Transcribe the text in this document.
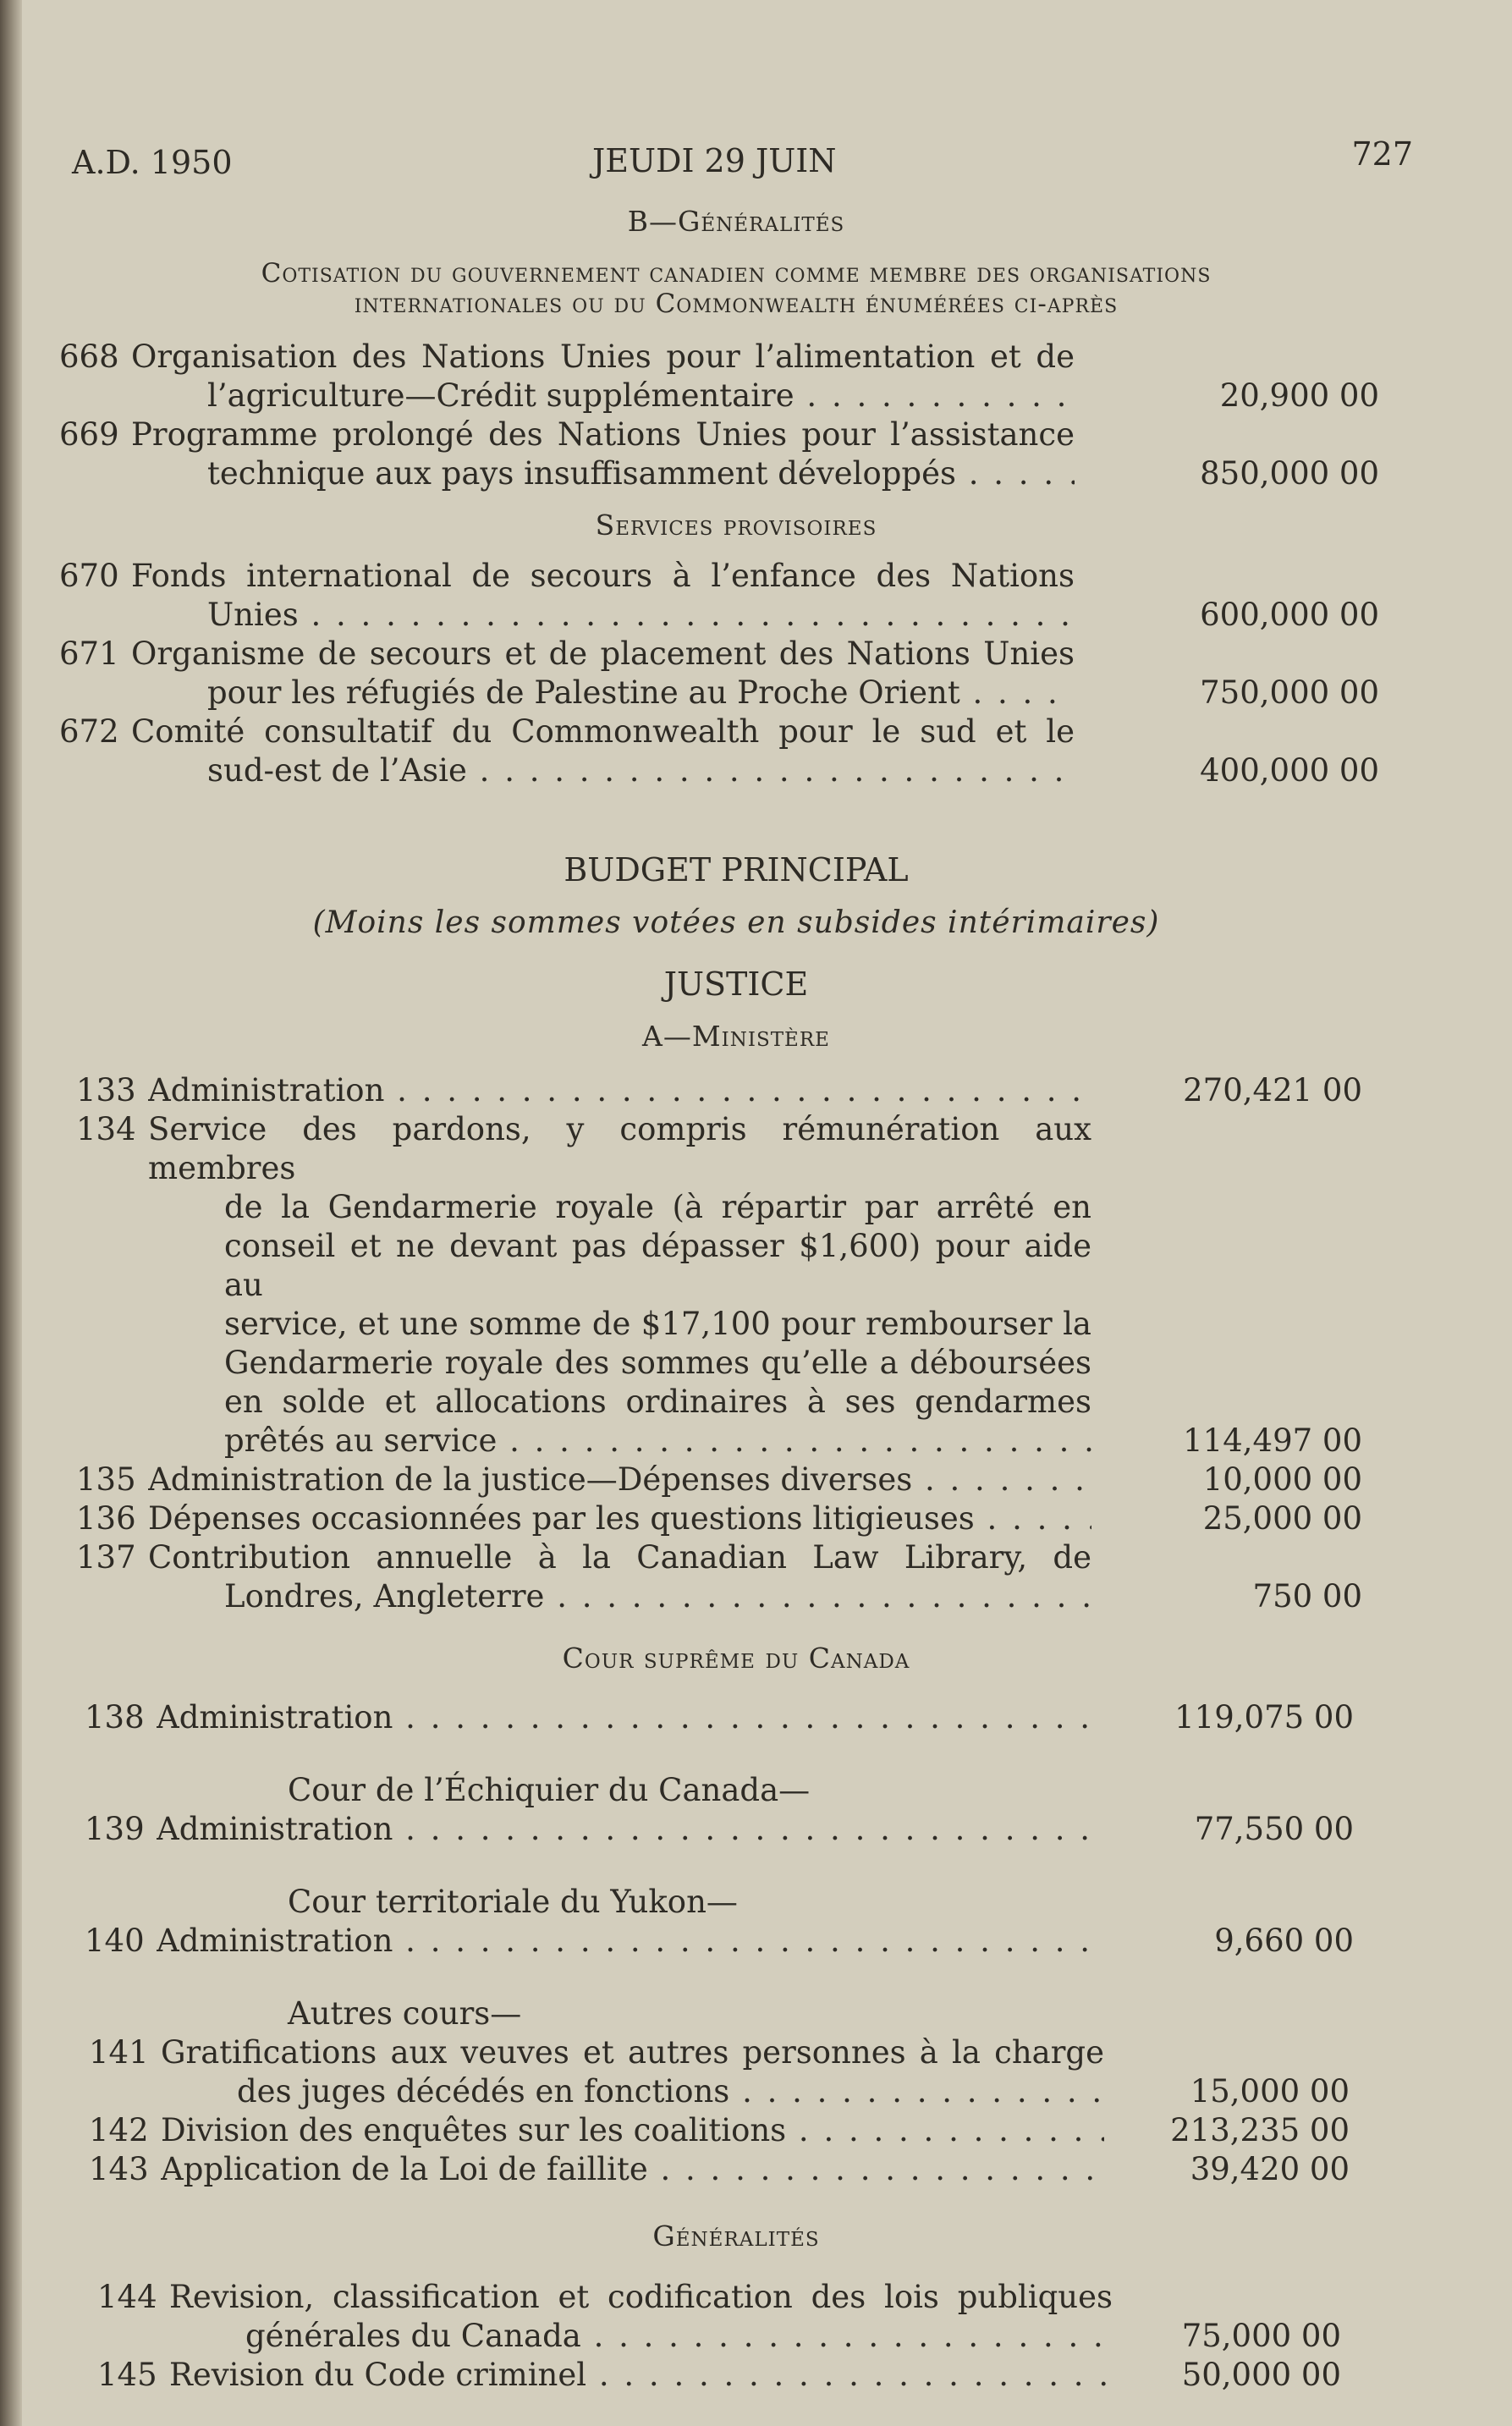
A.D. 1950	JEUDI 29 JUIN	727
B—Généralités
Cotisation du gouvernement canadien comme membre des organisations
internationales ou du Commonwealth énumérées ci-après
668 Organisation des Nations Unies pour l’alimentation et de
l’agriculture—Crédit supplémentaire . . .	20,900 00
669 Programme prolongé des Nations Unies pour l’assistance
technique aux pays insuffisamment développés . . .	850,000 00
Services provisoires
670 Fonds international de secours à l’enfance des Nations
Unies . . .	600,000 00
671 Organisme de secours et de placement des Nations Unies
pour les réfugiés de Palestine au Proche Orient . . .	750,000 00
672 Comité consultatif du Commonwealth pour le sud et le
sud-est de l’Asie . . .	400,000 00
BUDGET PRINCIPAL
(Moins les sommes votées en subsides intérimaires)
JUSTICE
A—Ministère
133 Administration . . .	270,421 00
134 Service des pardons, y compris rémunération aux membres
de la Gendarmerie royale (à répartir par arrêté en
conseil et ne devant pas dépasser $1,600) pour aide au
service, et une somme de $17,100 pour rembourser la
Gendarmerie royale des sommes qu’elle a déboursées
en solde et allocations ordinaires à ses gendarmes
prêtés au service . . .	114,497 00
135 Administration de la justice—Dépenses diverses . . .	10,000 00
136 Dépenses occasionnées par les questions litigieuses . . .	25,000 00
137 Contribution annuelle à la Canadian Law Library, de
Londres, Angleterre . . .	750 00
Cour suprême du Canada
138 Administration . . .	119,075 00
Cour de l’Échiquier du Canada—
139 Administration . . .	77,550 00
Cour territoriale du Yukon—
140 Administration . . .	9,660 00
Autres cours—
141 Gratifications aux veuves et autres personnes à la charge
des juges décédés en fonctions . . .	15,000 00
142 Division des enquêtes sur les coalitions . . .	213,235 00
143 Application de la Loi de faillite . . .	39,420 00
Généralités
144 Revision, classification et codification des lois publiques
générales du Canada . . .	75,000 00
145 Revision du Code criminel . . .	50,000 00
